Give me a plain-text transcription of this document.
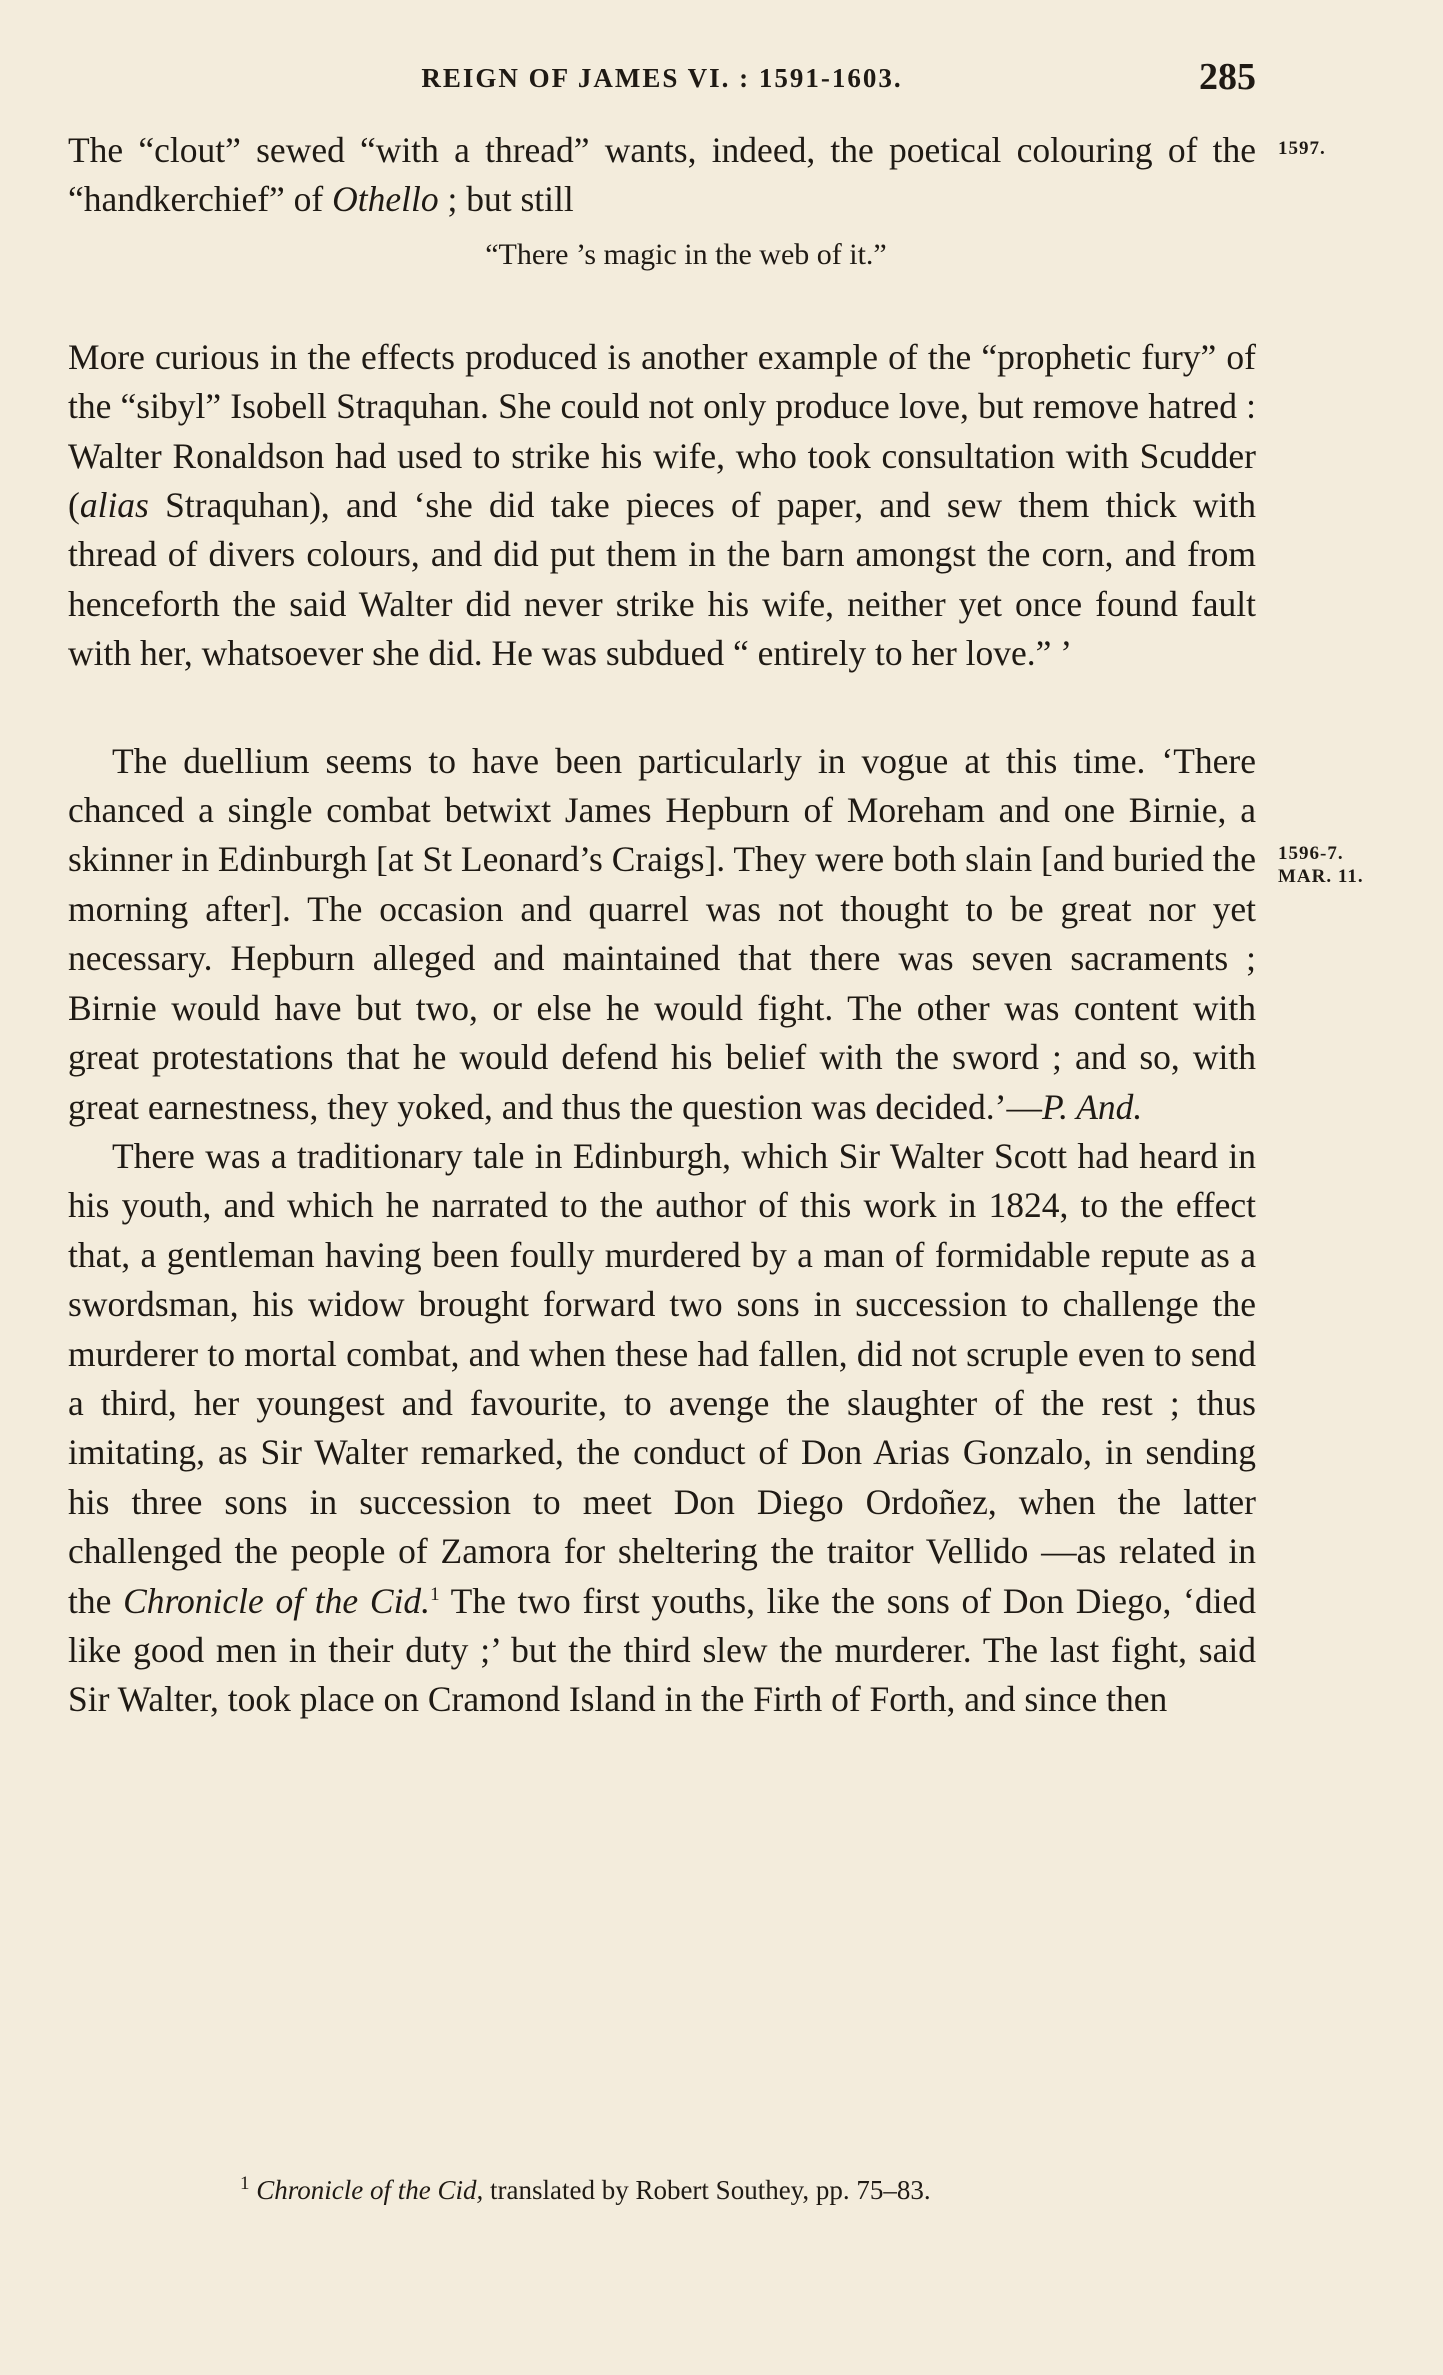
REIGN OF JAMES VI. : 1591-1603.	285
1597.
1596-7.
MAR. 11.

The “clout” sewed “with a thread” wants, indeed, the poetical colouring of the “handkerchief” of Othello ; but still

“There ’s magic in the web of it.”

More curious in the effects produced is another example of the “prophetic fury” of the “sibyl” Isobell Straquhan. She could not only produce love, but remove hatred : Walter Ronaldson had used to strike his wife, who took consultation with Scudder (alias Straquhan), and ‘she did take pieces of paper, and sew them thick with thread of divers colours, and did put them in the barn amongst the corn, and from henceforth the said Walter did never strike his wife, neither yet once found fault with her, whatsoever she did. He was subdued “ entirely to her love.” ’

The duellium seems to have been particularly in vogue at this time. ‘There chanced a single combat betwixt James Hepburn of Moreham and one Birnie, a skinner in Edinburgh [at St Leonard’s Craigs]. They were both slain [and buried the morning after]. The occasion and quarrel was not thought to be great nor yet necessary. Hepburn alleged and maintained that there was seven sacraments ; Birnie would have but two, or else he would fight. The other was content with great protestations that he would defend his belief with the sword ; and so, with great earnestness, they yoked, and thus the question was decided.’—P. And.

There was a traditionary tale in Edinburgh, which Sir Walter Scott had heard in his youth, and which he narrated to the author of this work in 1824, to the effect that, a gentleman having been foully murdered by a man of formidable repute as a swordsman, his widow brought forward two sons in succession to challenge the murderer to mortal combat, and when these had fallen, did not scruple even to send a third, her youngest and favourite, to avenge the slaughter of the rest ; thus imitating, as Sir Walter remarked, the conduct of Don Arias Gonzalo, in sending his three sons in succession to meet Don Diego Ordoñez, when the latter challenged the people of Zamora for sheltering the traitor Vellido —as related in the Chronicle of the Cid.$^1$ The two first youths, like the sons of Don Diego, ‘died like good men in their duty ;’ but the third slew the murderer. The last fight, said Sir Walter, took place on Cramond Island in the Firth of Forth, and since then

$^1$ Chronicle of the Cid, translated by Robert Southey, pp. 75–83.
